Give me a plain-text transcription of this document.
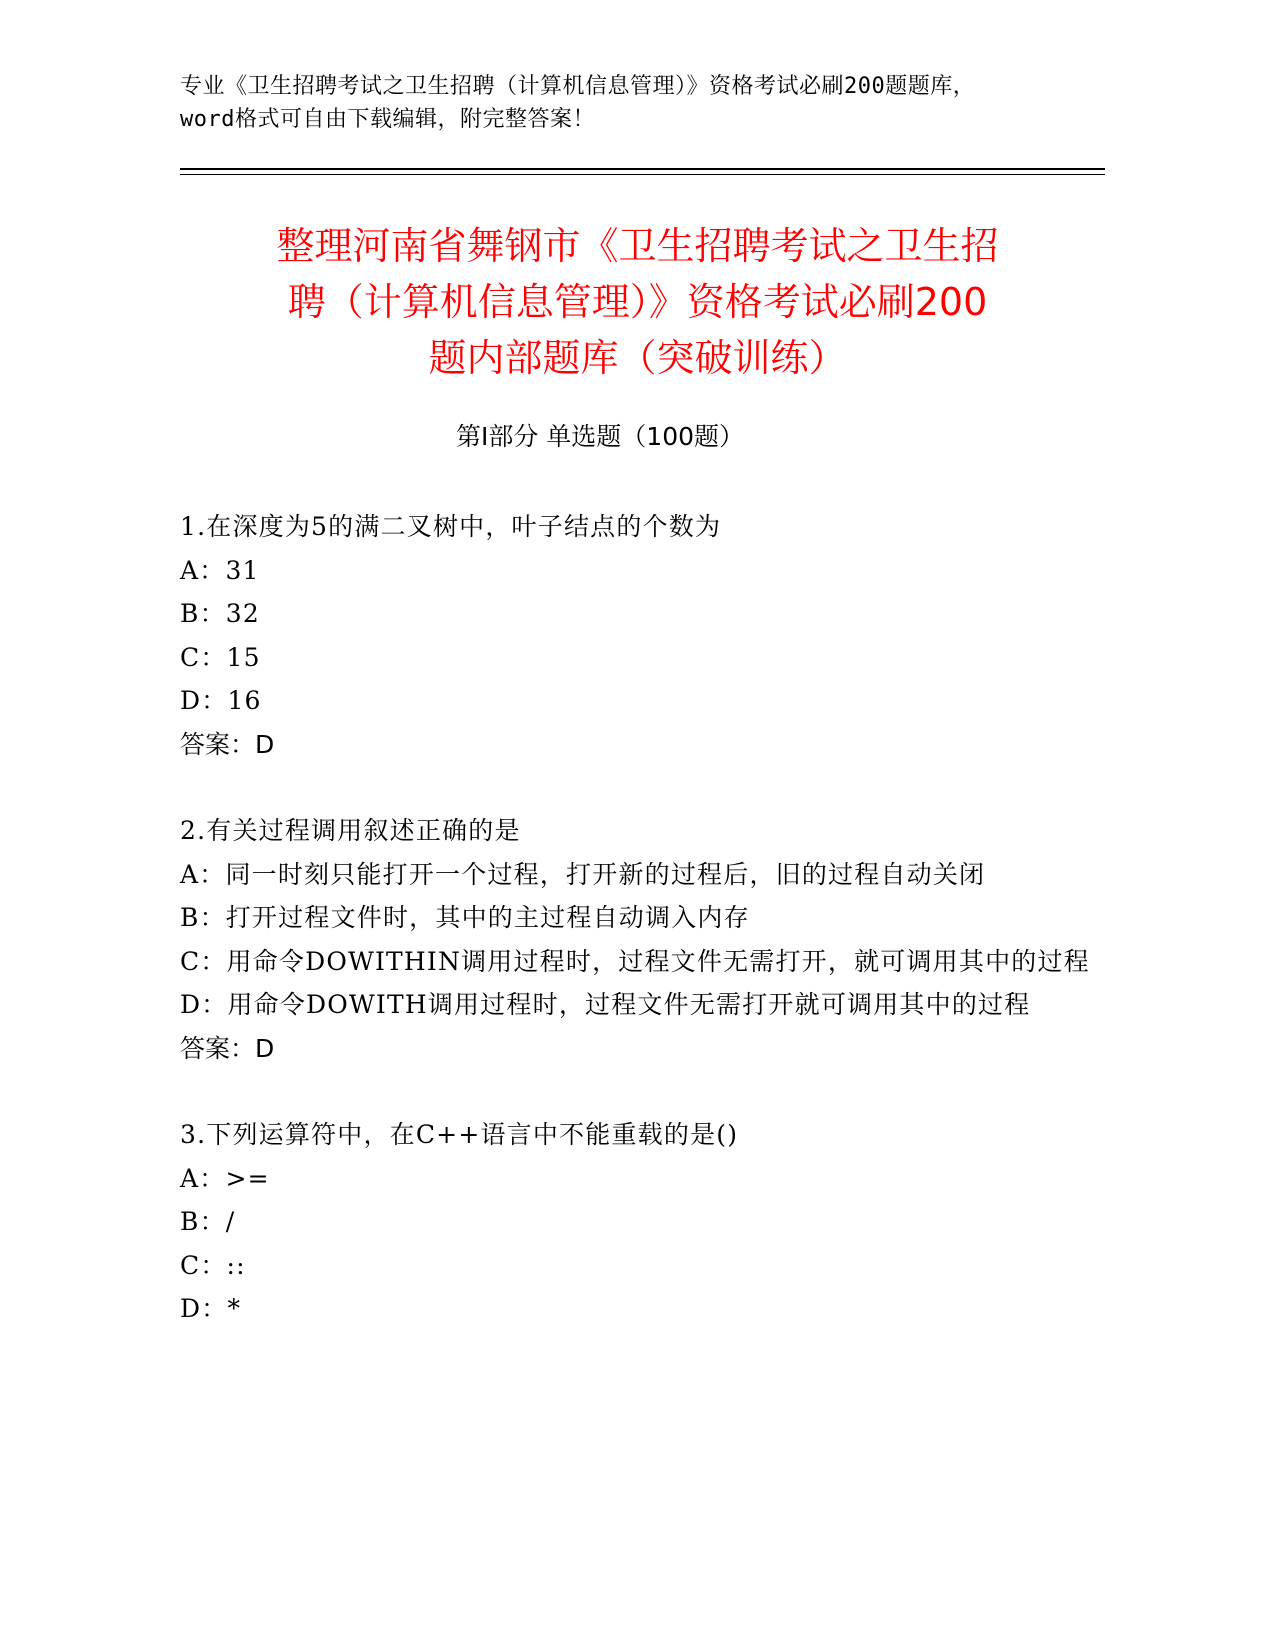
专业《卫生招聘考试之卫生招聘（计算机信息管理）》资格考试必刷200题题库，
word格式可自由下载编辑，附完整答案！
整理河南省舞钢市《卫生招聘考试之卫生招
聘（计算机信息管理）》资格考试必刷200
题内部题库（突破训练）
第Ⅰ部分 单选题（100题）
1.在深度为5的满二叉树中，叶子结点的个数为
A：31
B：32
C：15
D：16
答案：D
2.有关过程调用叙述正确的是
A：同一时刻只能打开一个过程，打开新的过程后，旧的过程自动关闭
B：打开过程文件时，其中的主过程自动调入内存
C：用命令DOWITHIN调用过程时，过程文件无需打开，就可调用其中的过程
D：用命令DOWITH调用过程时，过程文件无需打开就可调用其中的过程
答案：D
3.下列运算符中，在C++语言中不能重载的是()
A：>=
B：/
C：::
D：*
